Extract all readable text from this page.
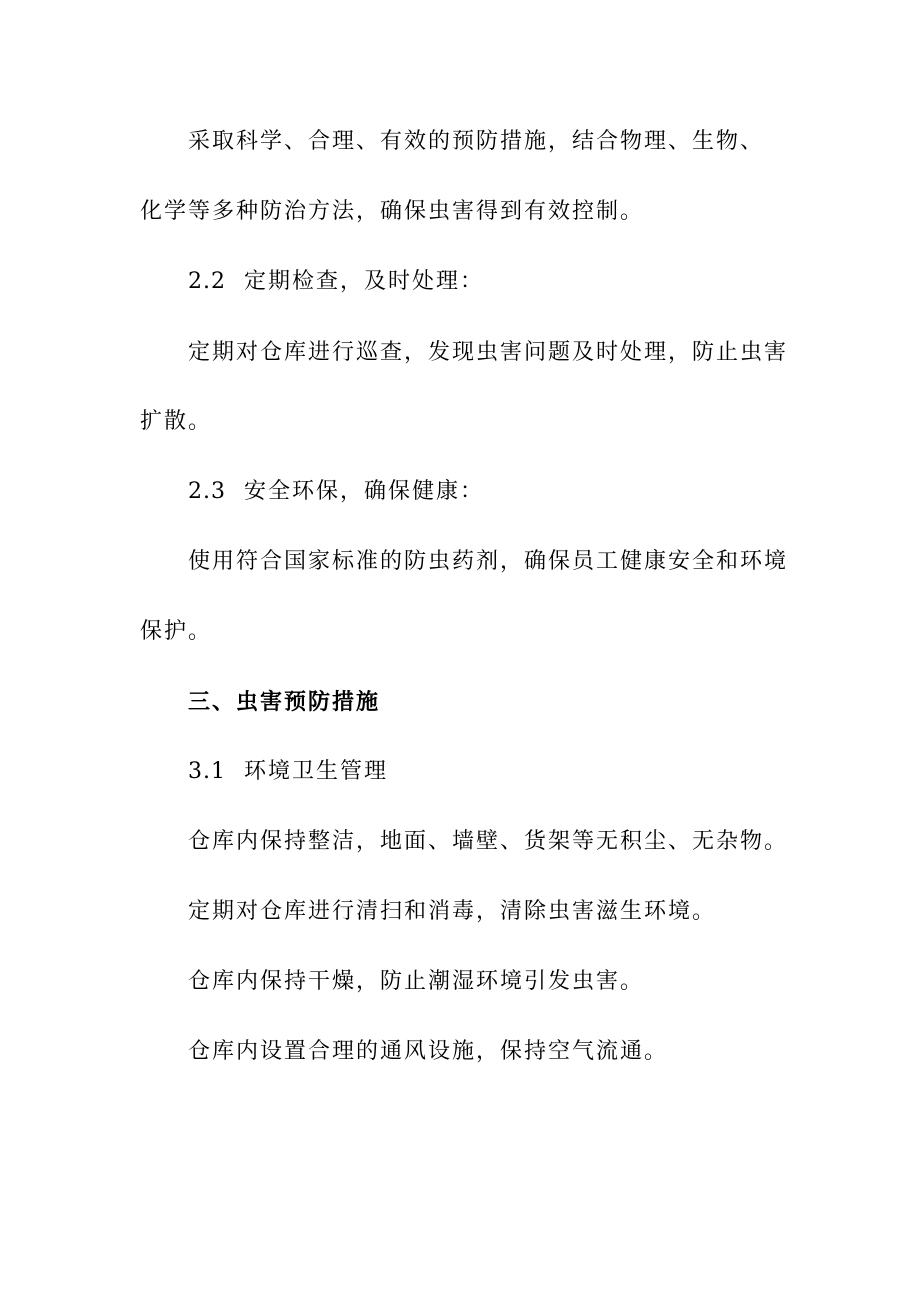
采取科学、合理、有效的预防措施，结合物理、生物、
化学等多种防治方法，确保虫害得到有效控制。
2.2 定期检查，及时处理：
定期对仓库进行巡查，发现虫害问题及时处理，防止虫害
扩散。
2.3 安全环保，确保健康：
使用符合国家标准的防虫药剂，确保员工健康安全和环境
保护。
三、虫害预防措施
3.1 环境卫生管理
仓库内保持整洁，地面、墙壁、货架等无积尘、无杂物。
定期对仓库进行清扫和消毒，清除虫害滋生环境。
仓库内保持干燥，防止潮湿环境引发虫害。
仓库内设置合理的通风设施，保持空气流通。
